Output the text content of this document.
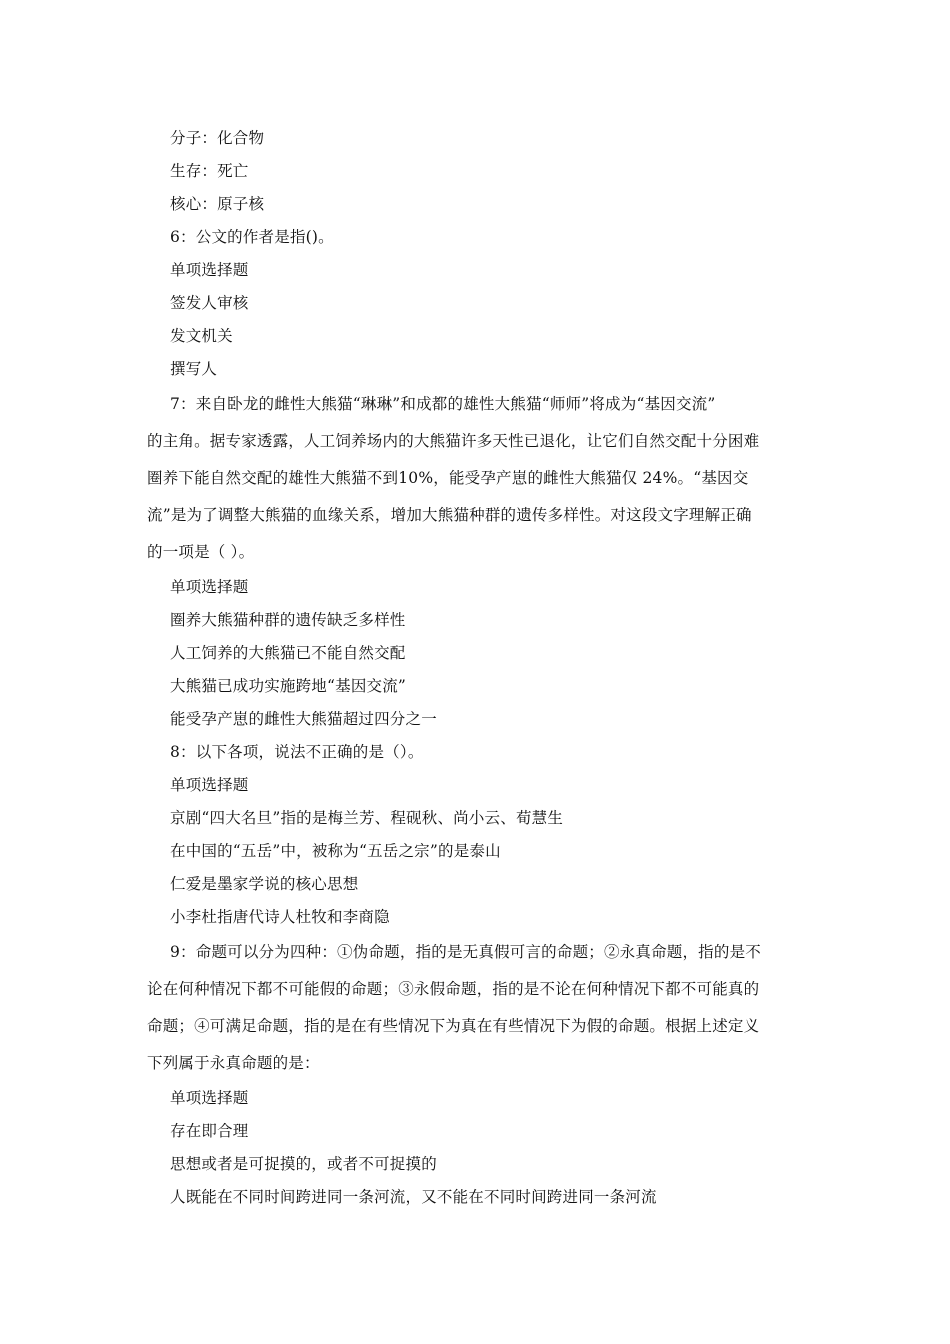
分子：化合物
生存：死亡
核心：原子核
6：公文的作者是指()。
单项选择题
签发人审核
发文机关
撰写人
7：来自卧龙的雌性大熊猫“琳琳”和成都的雄性大熊猫“师师”将成为“基因交流”
的主角。据专家透露，人工饲养场内的大熊猫许多天性已退化，让它们自然交配十分困难
圈养下能自然交配的雄性大熊猫不到10%，能受孕产崽的雌性大熊猫仅 24%。“基因交
流”是为了调整大熊猫的血缘关系，增加大熊猫种群的遗传多样性。对这段文字理解正确
的一项是（ ）。
单项选择题
圈养大熊猫种群的遗传缺乏多样性
人工饲养的大熊猫已不能自然交配
大熊猫已成功实施跨地“基因交流”
能受孕产崽的雌性大熊猫超过四分之一
8：以下各项，说法不正确的是（）。
单项选择题
京剧“四大名旦”指的是梅兰芳、程砚秋、尚小云、荀慧生
在中国的“五岳”中，被称为“五岳之宗”的是泰山
仁爱是墨家学说的核心思想
小李杜指唐代诗人杜牧和李商隐
9：命题可以分为四种：①伪命题，指的是无真假可言的命题；②永真命题，指的是不
论在何种情况下都不可能假的命题；③永假命题，指的是不论在何种情况下都不可能真的
命题；④可满足命题，指的是在有些情况下为真在有些情况下为假的命题。根据上述定义
下列属于永真命题的是：
单项选择题
存在即合理
思想或者是可捉摸的，或者不可捉摸的
人既能在不同时间跨进同一条河流，又不能在不同时间跨进同一条河流
